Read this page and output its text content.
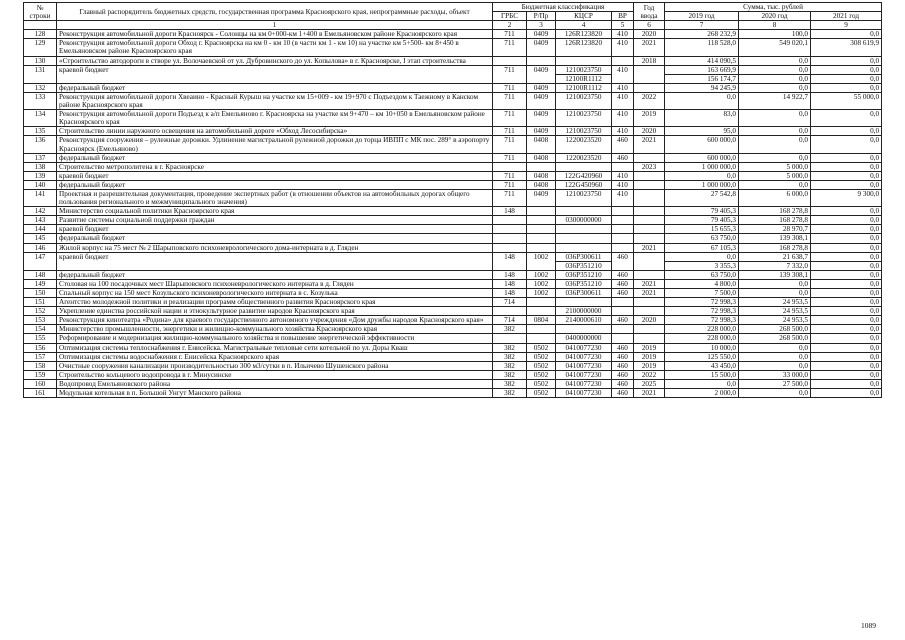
№ строки	Главный распорядитель бюджетных средств, государственная программа Красноярского края, непрограммные расходы, объект	Бюджетная классификация				Год ввода	Сумма, тыс. рублей		
		ГРБС	Р/Пр	КЦСР	ВР		2019 год	2020 год	2021 год
	1	2	3	4	5	6	7	8	9
128	Реконструкция автомобильной дороги Красноярск - Солонцы на км 0+000-км 1+400 в Емельяновском районе Красноярского края	711	0409	126R123820	410	2020	268 232,9	100,0	0,0
129	Реконструкция автомобильной дороги Обход г. Красноярска на км 0 - км 10 (в части км 1 - км 10) на участке км 5+500- км 8+450 в Емельяновском районе Красноярского края	711	0409	126R123820	410	2021	118 528,0	549 020,1	308 619,9
130	«Строительство автодороги в створе ул. Волочаевской от ул. Дубровинского до ул. Копылова» в г. Красноярске, I этап строительства					2018	414 090,5	0,0	0,0
131	краевой бюджет	711	0409	1210023750	410		163 669,9	0,0	0,0
				12100R1112			156 174,7	0,0	0,0
132	федеральный бюджет	711	0409	12100R1112	410		94 245,9	0,0	0,0
133	Реконструкция автомобильной дороги Хвеаино - Красный Курыш на участке км 15+009 - км 19+970 с Подъездом к Таежному в Канском районе Красноярского края	711	0409	1210023750	410	2022	0,0	14 922,7	55 000,0
134	Реконструкция автомобильной дороги Подъезд к а/п Емельяново г. Красноярска на участке км 9+470 – км 10+050 в Емельяновском районе Красноярского края	711	0409	1210023750	410	2019	83,0	0,0	0,0
135	Строительство линии наружного освещения на автомобильной дороге «Обход Лесосибирска»	711	0409	1210023750	410	2020	95,0	0,0	0,0
136	Реконструкция сооружения – рулежные дорожки. Удлинение магистральной рулежной дорожки до торца ИВПП с МК пос. 289° в аэропорту Красноярск (Емельяново)	711	0408	1220023520	460	2021	600 000,0	0,0	0,0
137	федеральный бюджет	711	0408	1220023520	460		600 000,0	0,0	0,0
138	Строительство метрополитена в г. Красноярске					2023	1 000 000,0	5 000,0	0,0
139	краевой бюджет	711	0408	122G420960	410		0,0	5 000,0	0,0
140	федеральный бюджет	711	0408	122G450960	410		1 000 000,0	0,0	0,0
141	Проектная и разрешительная документация, проведение экспертных работ (в отношении объектов на автомобильных дорогах общего пользования регионального и межмуниципального значения)	711	0409	1210023750	410		27 542,8	6 000,0	9 300,0
142	Министерство социальной политики Красноярского края	148					79 405,3	168 278,8	0,0
143	Развитие системы социальной поддержки граждан			0300000000			79 405,3	168 278,8	0,0
144	краевой бюджет						15 655,3	28 970,7	0,0
145	федеральный бюджет						63 750,0	139 308,1	0,0
146	Жилой корпус на 75 мест № 2 Шарыповского психоневрологического дома-интерната в д. Гляден					2021	67 105,3	168 278,8	0,0
147	краевой бюджет	148	1002	036P300611	460		0,0	21 638,7	0,0
				036P351210			3 355,3	7 332,0	0,0
148	федеральный бюджет	148	1002	036P351210	460		63 750,0	139 308,1	0,0
149	Столовая на 100 посадочных мест Шарыповского психоневрологического интерната в д. Гляден	148	1002	036P351210	460	2021	4 800,0	0,0	0,0
150	Спальный корпус на 150 мест Козульского психоневрологического интерната в с. Козулька	148	1002	036P300611	460	2021	7 500,0	0,0	0,0
151	Агентство молодежной политики и реализации программ общественного развития Красноярского края	714					72 998,3	24 953,5	0,0
152	Укрепление единства российской нации и этнокультурное развитие народов Красноярского края			2100000000			72 998,3	24 953,5	0,0
153	Реконструкция кинотеатра «Родина» для краевого государственного автономного учреждения «Дом дружбы народов Красноярского края»	714	0804	2140000610	460	2020	72 998,3	24 953,5	0,0
154	Министерство промышленности, энергетики и жилищно-коммунального хозяйства Красноярского края	382					228 000,0	268 500,0	0,0
155	Реформирование и модернизация жилищно-коммунального хозяйства и повышение энергетической эффективности			0400000000			228 000,0	268 500,0	0,0
156	Оптимизация системы теплоснабжения г. Енисейска. Магистральные тепловые сети котельной по ул. Доры Кваш	382	0502	0410077230	460	2019	10 000,0	0,0	0,0
157	Оптимизация системы водоснабжения г. Енисейска Красноярского края	382	0502	0410077230	460	2019	125 550,0	0,0	0,0
158	Очистные сооружения канализации производительностью 300 м3/сутки в п. Ильичево Шушенского района	382	0502	0410077230	460	2019	43 450,0	0,0	0,0
159	Строительство кольцевого водопровода в г. Минусинске	382	0502	0410077230	460	2022	15 500,0	33 000,0	0,0
160	Водопровод Емельяновского района	382	0502	0410077230	460	2025	0,0	27 500,0	0,0
161	Модульная котельная в п. Большой Унгут Манского района	382	0502	0410077230	460	2021	2 000,0	0,0	0,0
1089
